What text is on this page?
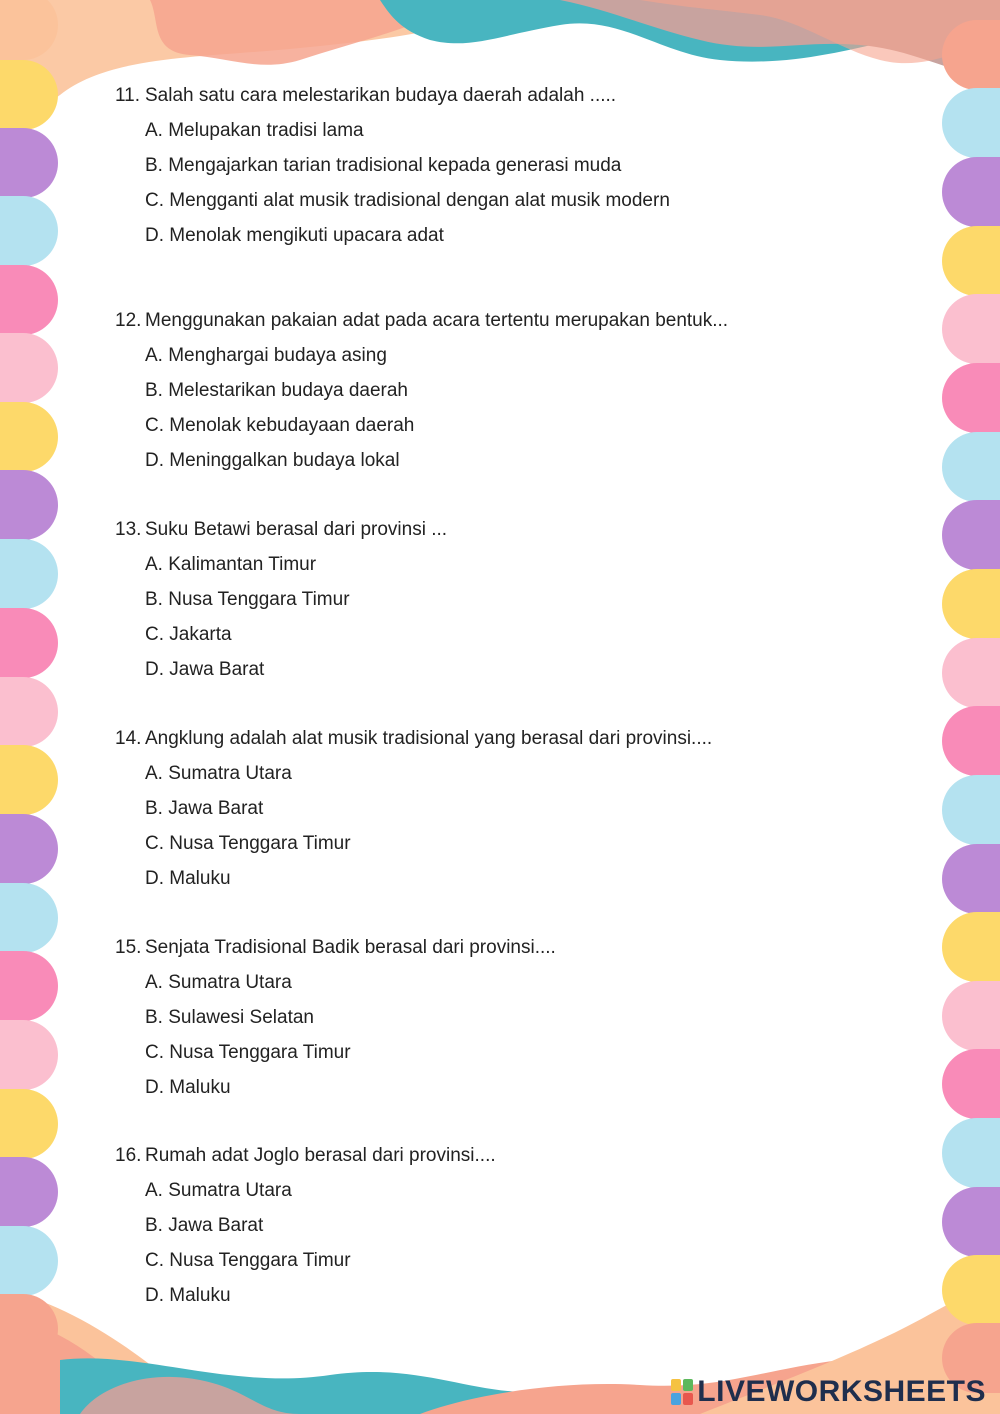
11. Salah satu cara melestarikan budaya daerah adalah .....
A. Melupakan tradisi lama
B. Mengajarkan tarian tradisional kepada generasi muda
C. Mengganti alat musik tradisional dengan alat musik modern
D. Menolak mengikuti upacara adat
12. Menggunakan pakaian adat pada acara tertentu merupakan bentuk...
A. Menghargai budaya asing
B. Melestarikan budaya daerah
C. Menolak kebudayaan daerah
D. Meninggalkan budaya lokal
13. Suku Betawi berasal dari provinsi ...
A. Kalimantan Timur
B. Nusa Tenggara Timur
C. Jakarta
D. Jawa Barat
14. Angklung adalah alat musik tradisional yang berasal dari provinsi....
A. Sumatra Utara
B. Jawa Barat
C. Nusa Tenggara Timur
D. Maluku
15. Senjata Tradisional Badik berasal dari provinsi....
A. Sumatra Utara
B. Sulawesi Selatan
C. Nusa Tenggara Timur
D. Maluku
16. Rumah adat Joglo berasal dari provinsi....
A. Sumatra Utara
B. Jawa Barat
C. Nusa Tenggara Timur
D. Maluku
LIVEWORKSHEETS
